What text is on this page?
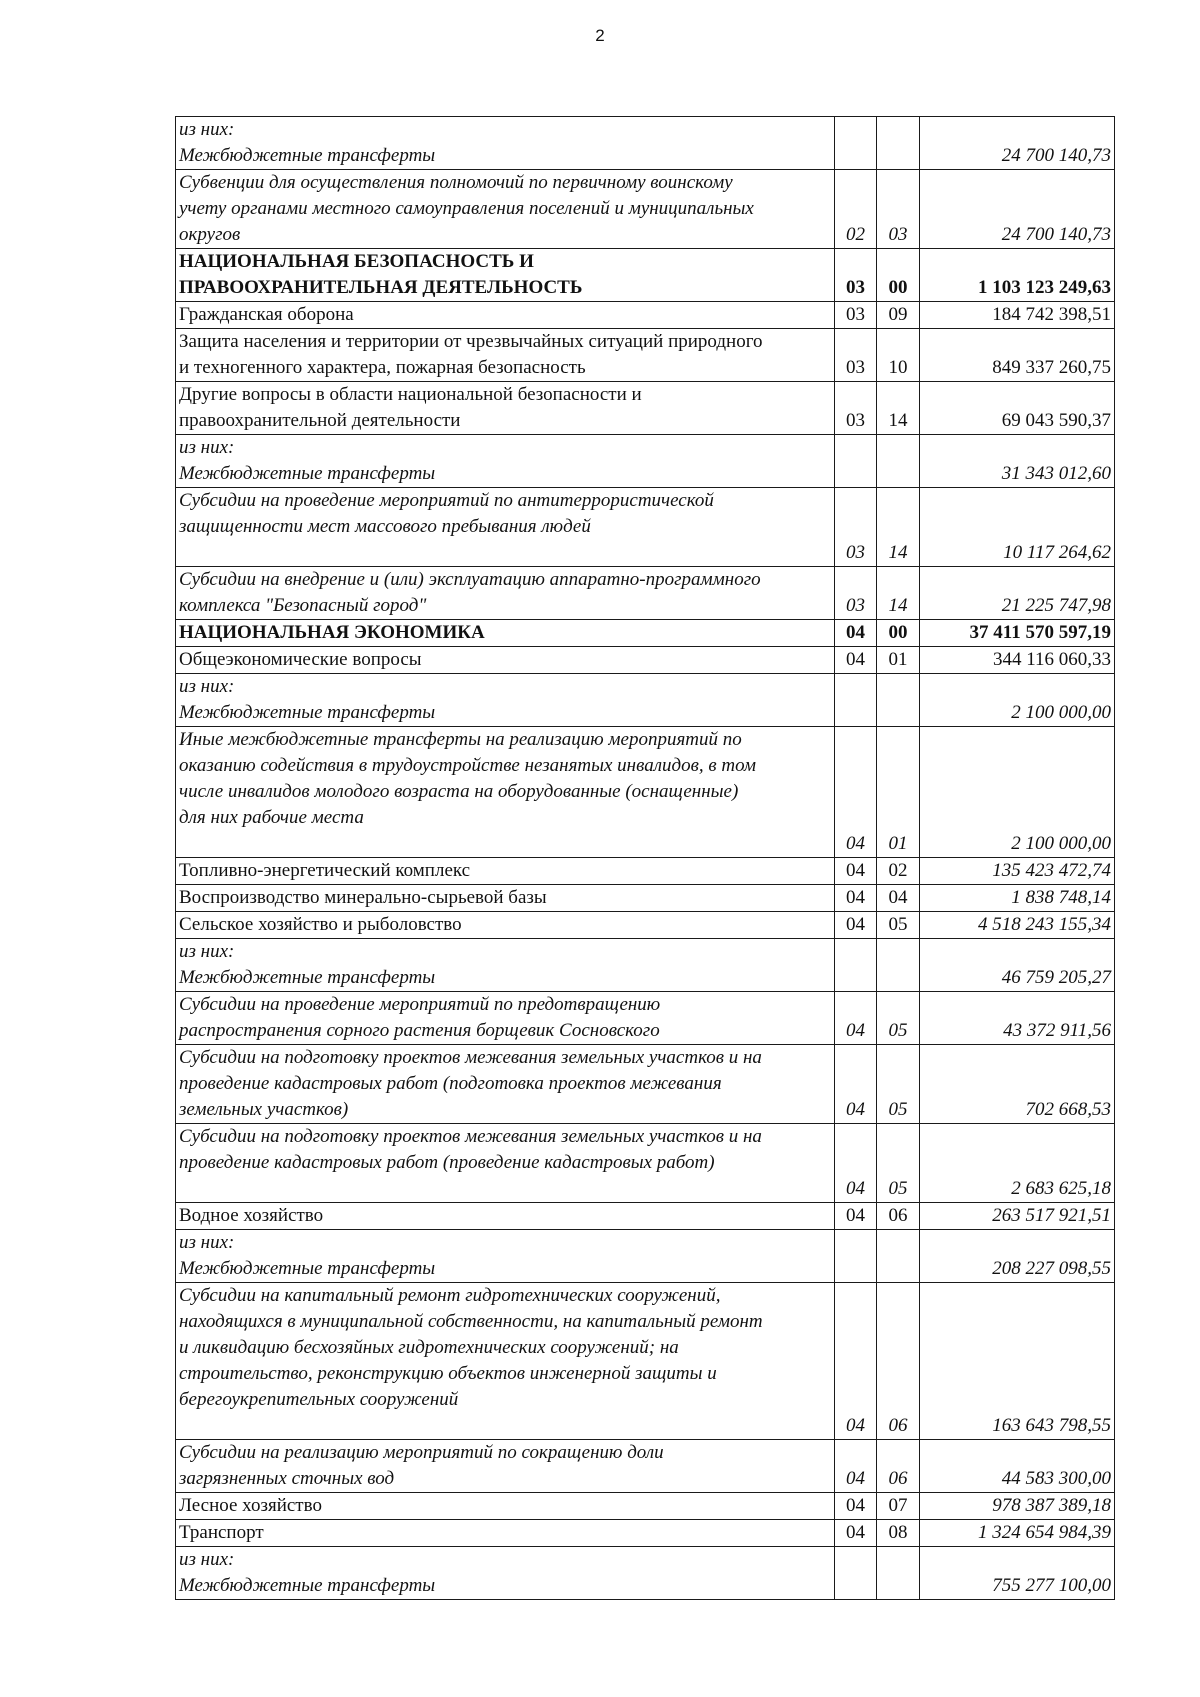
2
из них:
Межбюджетные трансферты			24 700 140,73

Субвенции для осуществления полномочий по первичному воинскому
учету органами местного самоуправления поселений и муниципальных
округов	02	03	24 700 140,73

НАЦИОНАЛЬНАЯ БЕЗОПАСНОСТЬ И
ПРАВООХРАНИТЕЛЬНАЯ ДЕЯТЕЛЬНОСТЬ	03	00	1 103 123 249,63

Гражданская оборона	03	09	184 742 398,51

Защита населения и территории от чрезвычайных ситуаций природного
и техногенного характера, пожарная безопасность	03	10	849 337 260,75

Другие вопросы в области национальной безопасности и
правоохранительной деятельности	03	14	69 043 590,37

из них:
Межбюджетные трансферты			31 343 012,60

Субсидии на проведение мероприятий по антитеррористической
защищенности мест массового пребывания людей	03	14	10 117 264,62

Субсидии на внедрение и (или) эксплуатацию аппаратно-программного
комплекса "Безопасный город"	03	14	21 225 747,98

НАЦИОНАЛЬНАЯ ЭКОНОМИКА	04	00	37 411 570 597,19

Общеэкономические вопросы	04	01	344 116 060,33

из них:
Межбюджетные трансферты			2 100 000,00

Иные межбюджетные трансферты на реализацию мероприятий по
оказанию содействия в трудоустройстве незанятых инвалидов, в том
числе инвалидов молодого возраста на оборудованные (оснащенные)
для них рабочие места	04	01	2 100 000,00

Топливно-энергетический комплекс	04	02	135 423 472,74

Воспроизводство минерально-сырьевой базы	04	04	1 838 748,14

Сельское хозяйство и рыболовство	04	05	4 518 243 155,34

из них:
Межбюджетные трансферты			46 759 205,27

Субсидии на проведение мероприятий по предотвращению
распространения сорного растения борщевик Сосновского	04	05	43 372 911,56

Субсидии на подготовку проектов межевания земельных участков и на
проведение кадастровых работ (подготовка проектов межевания
земельных участков)	04	05	702 668,53

Субсидии на подготовку проектов межевания земельных участков и на
проведение кадастровых работ (проведение кадастровых работ)	04	05	2 683 625,18

Водное хозяйство	04	06	263 517 921,51

из них:
Межбюджетные трансферты			208 227 098,55

Субсидии на капитальный ремонт гидротехнических сооружений,
находящихся в муниципальной собственности, на капитальный ремонт
и ликвидацию бесхозяйных гидротехнических сооружений; на
строительство, реконструкцию объектов инженерной защиты и
берегоукрепительных сооружений	04	06	163 643 798,55

Субсидии на реализацию мероприятий по сокращению доли
загрязненных сточных вод	04	06	44 583 300,00

Лесное хозяйство	04	07	978 387 389,18

Транспорт	04	08	1 324 654 984,39

из них:
Межбюджетные трансферты			755 277 100,00
